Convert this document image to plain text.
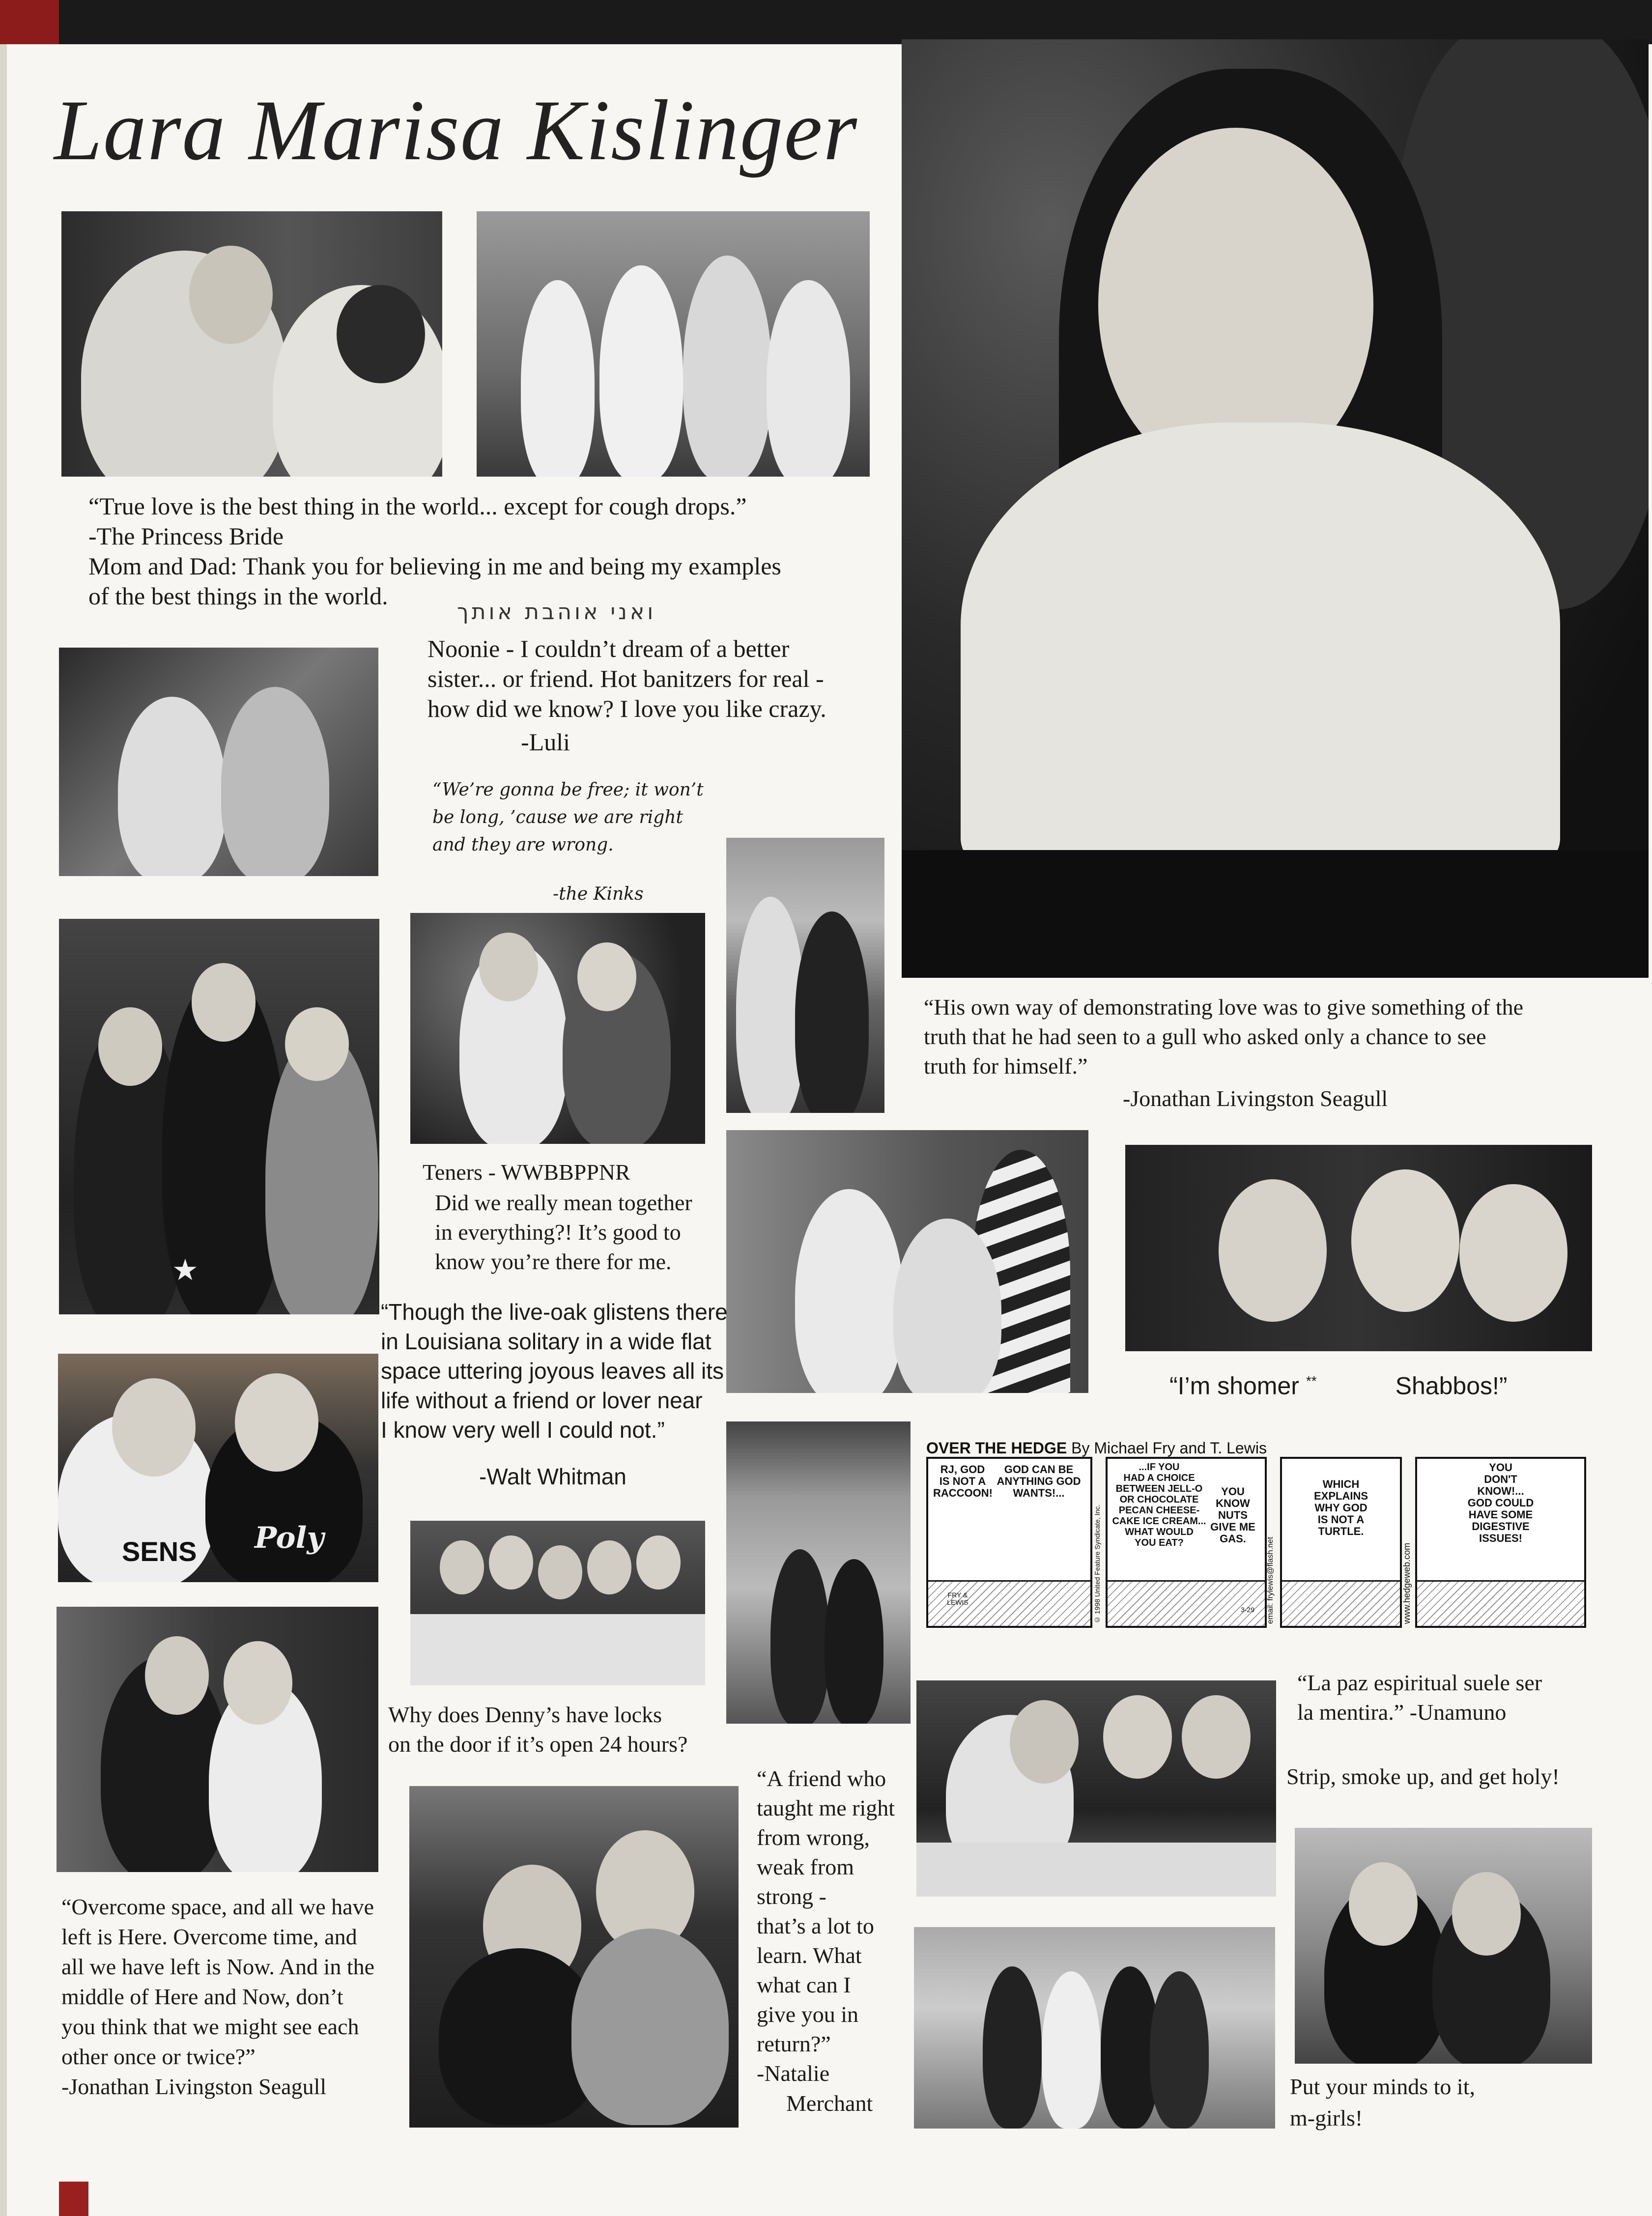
Lara Marisa Kislinger
“True love is the best thing in the world... except for cough drops.”
-The Princess Bride
Mom and Dad: Thank you for believing in me and being my examples
of the best things in the world.
ואני אוהבת אותך
Noonie - I couldn’t dream of a better
sister... or friend. Hot banitzers for real -
how did we know? I love you like crazy.
-Luli
“We’re gonna be free; it won’t
be long, ’cause we are right
and they are wrong.
-the Kinks
★
“His own way of demonstrating love was to give something of the
truth that he had seen to a gull who asked only a chance to see
truth for himself.”
-Jonathan Livingston Seagull
Teners - WWBBPPNR
Did we really mean together
in everything?! It’s good to
know you’re there for me.
“I’m shomer **	Shabbos!”
“Though the live-oak glistens there
in Louisiana solitary in a wide flat
space uttering joyous leaves all its
life without a friend or lover near
I know very well I could not.”
-Walt Whitman
SENS Poly
Why does Denny’s have locks
on the door if it’s open 24 hours?
OVER THE HEDGE By Michael Fry and T. Lewis
RJ, GOD
IS NOT A
RACCOON!
GOD CAN BE
ANYTHING GOD
WANTS!...
FRY &
LEWIS	© 1998 United Feature Syndicate, Inc.
...IF YOU
HAD A CHOICE
BETWEEN JELL-O
OR CHOCOLATE
PECAN CHEESE-
CAKE ICE CREAM...
WHAT WOULD
YOU EAT?
YOU
KNOW
NUTS
GIVE ME
GAS.
3-29	email: frylewis@flash.net
WHICH
EXPLAINS
WHY GOD
IS NOT A
TURTLE.
www.hedgeweb.com
YOU
DON'T
KNOW!...
GOD COULD
HAVE SOME
DIGESTIVE
ISSUES!
“La paz espiritual suele ser
la mentira.” -Unamuno
Strip, smoke up, and get holy!
“A friend who
taught me right
from wrong,
weak from
strong -
that’s a lot to
learn. What
what can I
give you in
return?”
-Natalie
Merchant
“Overcome space, and all we have
left is Here. Overcome time, and
all we have left is Now. And in the
middle of Here and Now, don’t
you think that we might see each
other once or twice?”
-Jonathan Livingston Seagull	Put your minds to it,
m-girls!
